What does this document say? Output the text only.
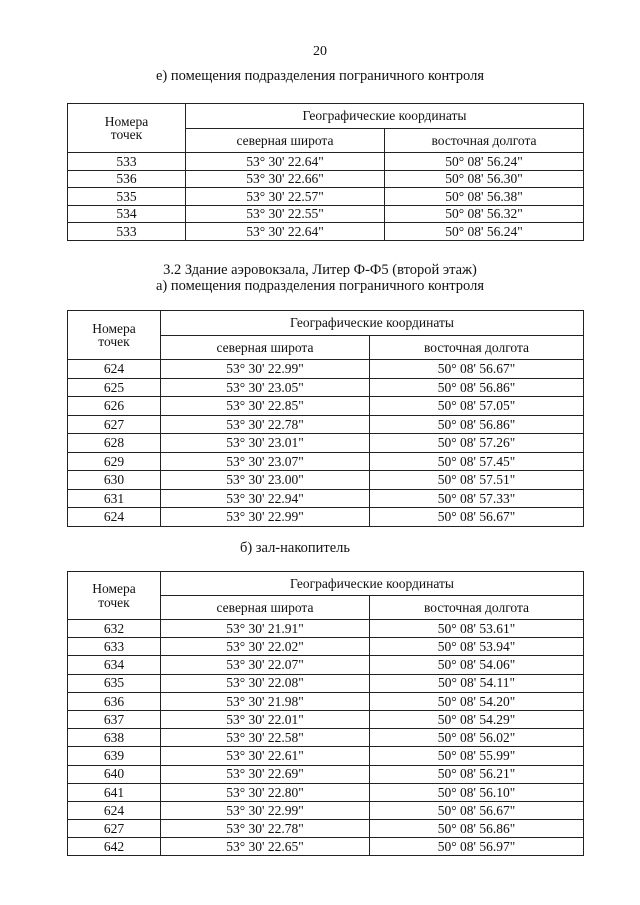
20
е) помещения подразделения пограничного контроля
Номера
точек	Географические координаты	
	северная широта	восточная долгота
533	53° 30' 22.64"	50° 08' 56.24"
536	53° 30' 22.66"	50° 08' 56.30"
535	53° 30' 22.57"	50° 08' 56.38"
534	53° 30' 22.55"	50° 08' 56.32"
533	53° 30' 22.64"	50° 08' 56.24"
3.2 Здание аэровокзала, Литер Ф-Ф5 (второй этаж)
а) помещения подразделения пограничного контроля
Номера
точек	Географические координаты	
	северная широта	восточная долгота
624	53° 30' 22.99"	50° 08' 56.67"
625	53° 30' 23.05"	50° 08' 56.86"
626	53° 30' 22.85"	50° 08' 57.05"
627	53° 30' 22.78"	50° 08' 56.86"
628	53° 30' 23.01"	50° 08' 57.26"
629	53° 30' 23.07"	50° 08' 57.45"
630	53° 30' 23.00"	50° 08' 57.51"
631	53° 30' 22.94"	50° 08' 57.33"
624	53° 30' 22.99"	50° 08' 56.67"
б) зал-накопитель
Номера
точек	Географические координаты	
	северная широта	восточная долгота
632	53° 30' 21.91"	50° 08' 53.61"
633	53° 30' 22.02"	50° 08' 53.94"
634	53° 30' 22.07"	50° 08' 54.06"
635	53° 30' 22.08"	50° 08' 54.11"
636	53° 30' 21.98"	50° 08' 54.20"
637	53° 30' 22.01"	50° 08' 54.29"
638	53° 30' 22.58"	50° 08' 56.02"
639	53° 30' 22.61"	50° 08' 55.99"
640	53° 30' 22.69"	50° 08' 56.21"
641	53° 30' 22.80"	50° 08' 56.10"
624	53° 30' 22.99"	50° 08' 56.67"
627	53° 30' 22.78"	50° 08' 56.86"
642	53° 30' 22.65"	50° 08' 56.97"
